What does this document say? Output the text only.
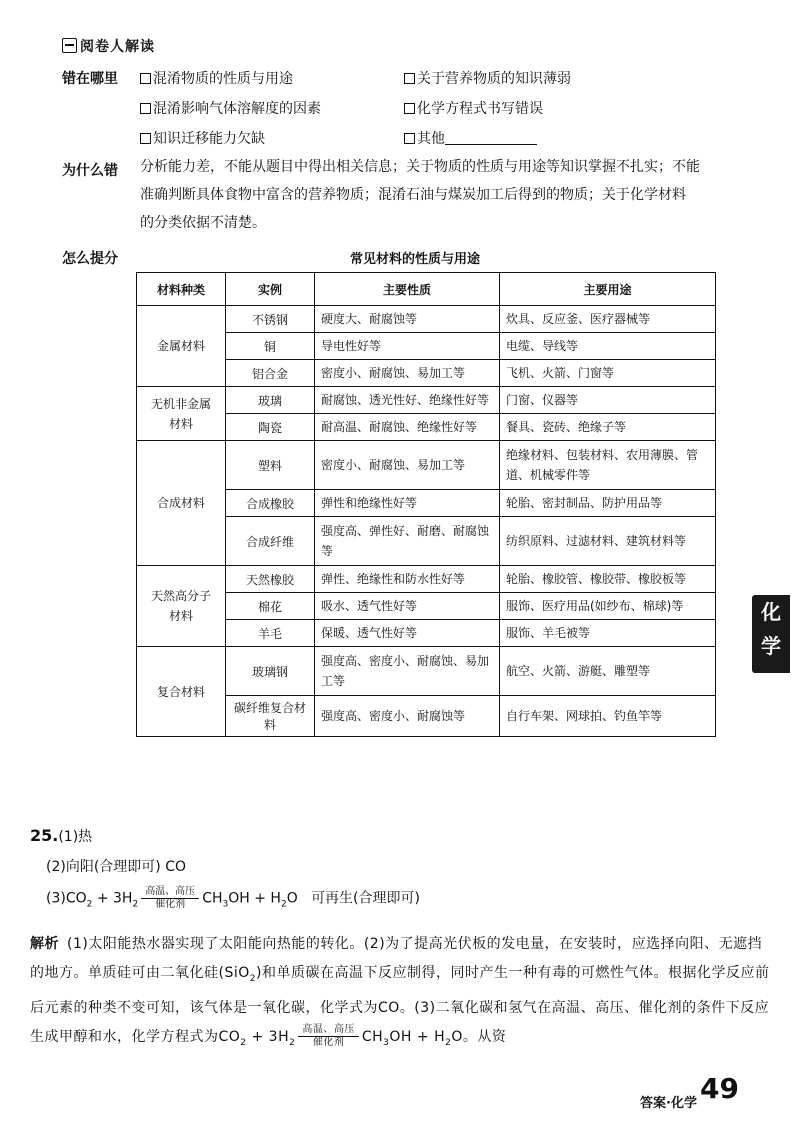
阅卷人解读
错在哪里	混淆物质的性质与用途	关于营养物质的知识薄弱
混淆影响气体溶解度的因素	化学方程式书写错误
知识迁移能力欠缺	其他
为什么错 分析能力差，不能从题目中得出相关信息；关于物质的性质与用途等知识掌握不扎实；不能
准确判断具体食物中富含的营养物质；混淆石油与煤炭加工后得到的物质；关于化学材料
的分类依据不清楚。
怎么提分	常见材料的性质与用途
材料种类	实例	主要性质	主要用途

金属材料	不锈钢	硬度大、耐腐蚀等	炊具、反应釜、医疗器械等
	铜	导电性好等	电缆、导线等
	铝合金	密度小、耐腐蚀、易加工等	飞机、火箭、门窗等

无机非金属
材料	玻璃	耐腐蚀、透光性好、绝缘性好等	门窗、仪器等
	陶瓷	耐高温、耐腐蚀、绝缘性好等	餐具、瓷砖、绝缘子等

合成材料	塑料	密度小、耐腐蚀、易加工等	绝缘材料、包装材料、农用薄膜、管道、机械零件等
	合成橡胶	弹性和绝缘性好等	轮胎、密封制品、防护用品等
	合成纤维	强度高、弹性好、耐磨、耐腐蚀等	纺织原料、过滤材料、建筑材料等

天然高分子
材料	天然橡胶	弹性、绝缘性和防水性好等	轮胎、橡胶管、橡胶带、橡胶板等
	棉花	吸水、透气性好等	服饰、医疗用品(如纱布、棉球)等
	羊毛	保暖、透气性好等	服饰、羊毛被等

复合材料	玻璃钢	强度高、密度小、耐腐蚀、易加工等	航空、火箭、游艇、雕塑等
	碳纤维复合材料	强度高、密度小、耐腐蚀等	自行车架、网球拍、钓鱼竿等
化
学
25.(1)热
(2)向阳(合理即可) CO
$(3)CO_2 + 3H_2 \frac{\text{高温、高压}}{\text{催化剂}} CH_3OH + H_2O$   可再生(合理即可)
解析 (1)太阳能热水器实现了太阳能向热能的转化。(2)为了提高光伏板的发电量，在安装时，应选择向阳、无遮挡的地方。单质硅可由二氧化硅(SiO$_2$)和单质碳在高温下反应制得，同时产生一种有毒的可燃性气体。根据化学反应前后元素的种类不变可知，该气体是一氧化碳，化学式为CO。(3)二氧化碳和氢气在高温、高压、催化剂的条件下反应生成甲醇和水，化学方程式为$CO_2 + 3H_2 \frac{\text{高温、高压}}{\text{催化剂}} CH_3OH + H_2O$。从资
答案·化学 49
